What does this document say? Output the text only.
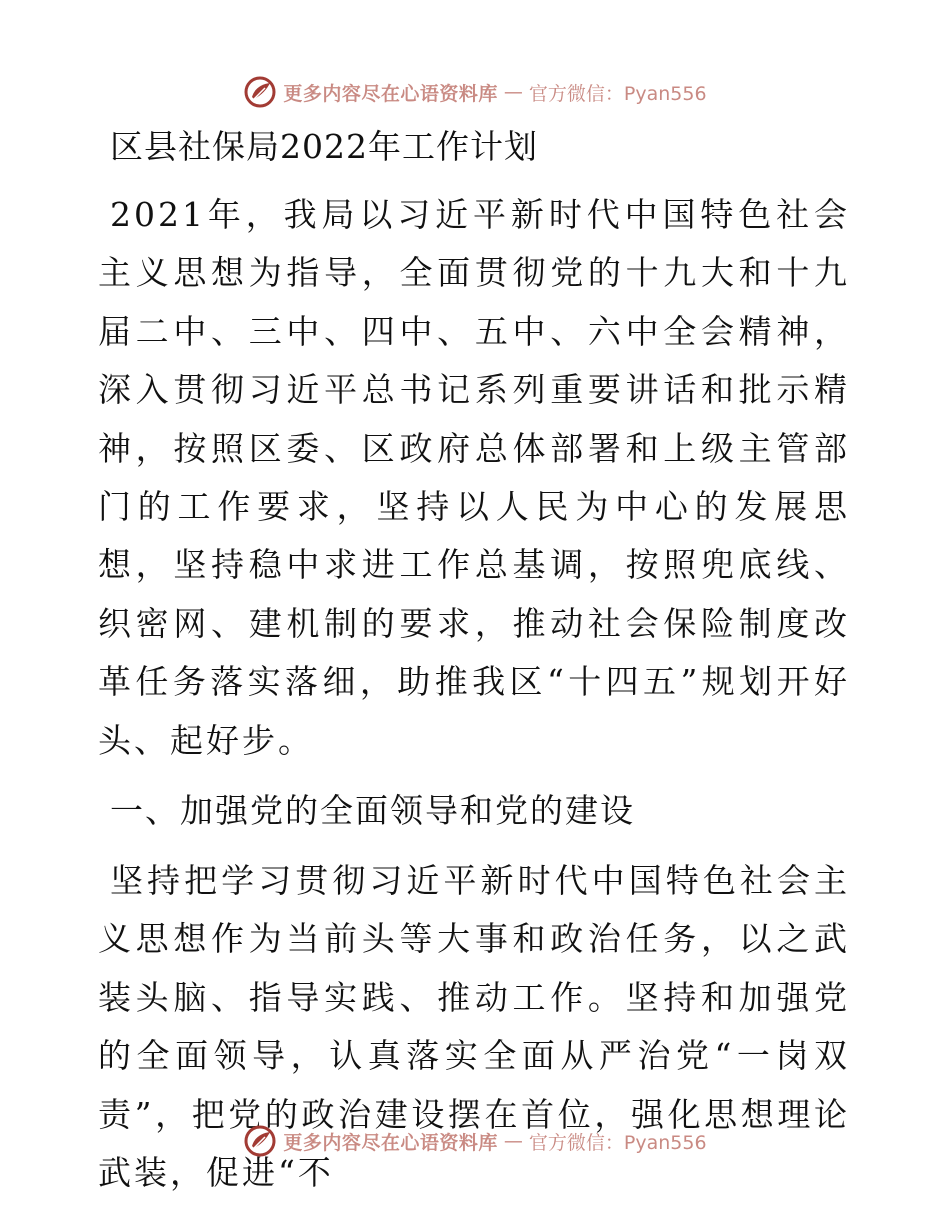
更多内容尽在心语资料库 — 官方微信：Pyan556
区县社保局2022年工作计划

2021年，我局以习近平新时代中国特色社会主义思想为指导，全面贯彻党的十九大和十九届二中、三中、四中、五中、六中全会精神，深入贯彻习近平总书记系列重要讲话和批示精神，按照区委、区政府总体部署和上级主管部门的工作要求，坚持以人民为中心的发展思想，坚持稳中求进工作总基调，按照兜底线、织密网、建机制的要求，推动社会保险制度改革任务落实落细，助推我区“十四五”规划开好头、起好步。

一、加强党的全面领导和党的建设

坚持把学习贯彻习近平新时代中国特色社会主义思想作为当前头等大事和政治任务，以之武装头脑、指导实践、推动工作。坚持和加强党的全面领导，认真落实全面从严治党“一岗双责”，把党的政治建设摆在首位，强化思想理论武装，促进“不

更多内容尽在心语资料库 — 官方微信：Pyan556
